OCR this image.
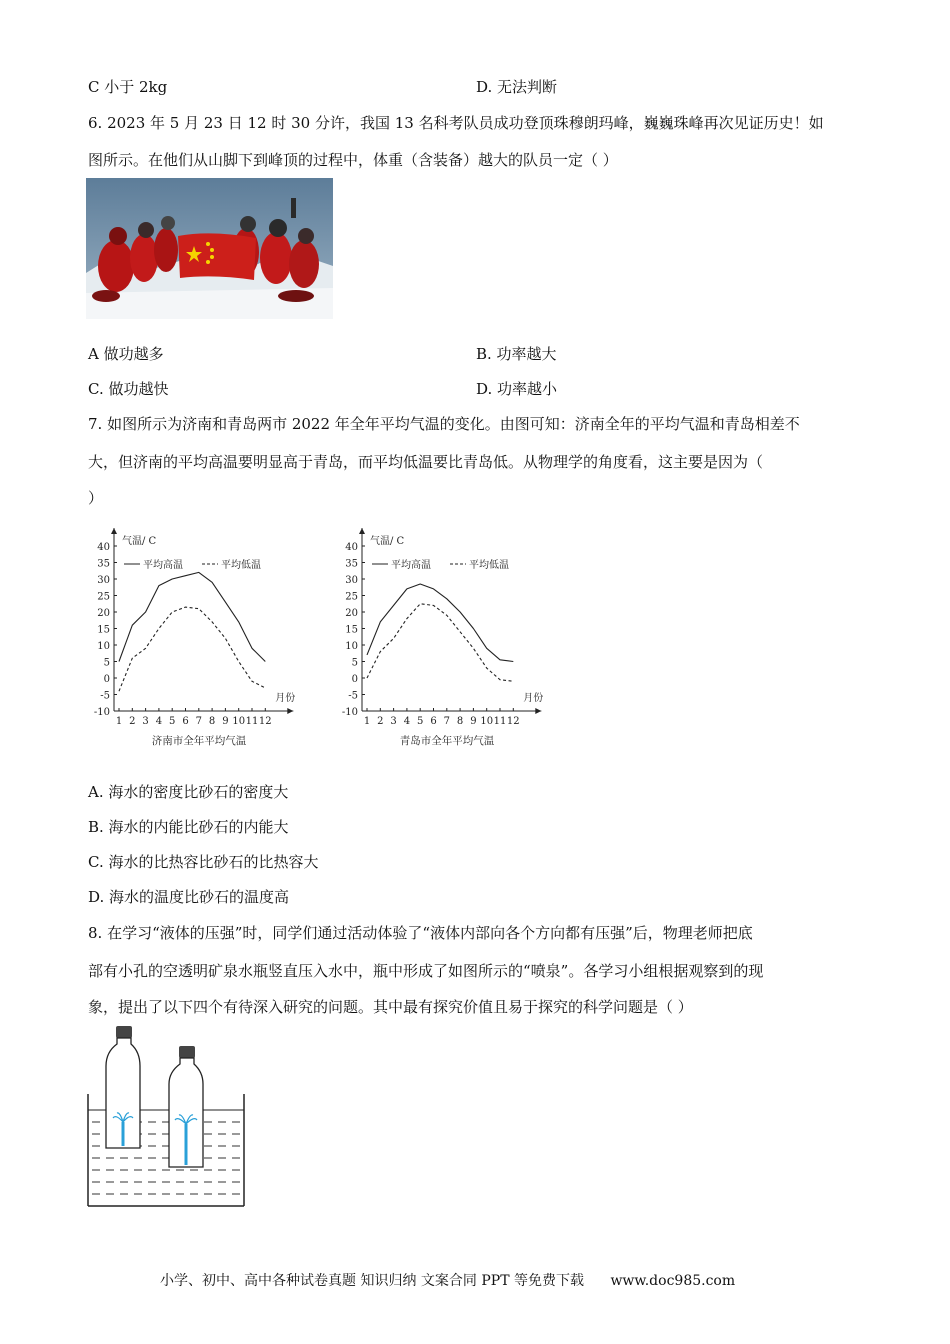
C 小于 2kg	D. 无法判断
6. 2023 年 5 月 23 日 12 时 30 分许，我国 13 名科考队员成功登顶珠穆朗玛峰，巍巍珠峰再次见证历史！如
图所示。在他们从山脚下到峰顶的过程中，体重（含装备）越大的队员一定（ ）
A 做功越多	B. 功率越大
C. 做功越快	D. 功率越小
7. 如图所示为济南和青岛两市 2022 年全年平均气温的变化。由图可知：济南全年的平均气温和青岛相差不
大，但济南的平均高温要明显高于青岛，而平均低温要比青岛低。从物理学的角度看，这主要是因为（
）
-10
-5
0
5
10
15
20
25
30
35
40
1 2 3 4 5 6 7 8 9 10 11 12
气温/ C
月份
平均高温	平均低温
济南市全年平均气温
-10
-5
0
5
10
15
20
25
30
35
40
1 2 3 4 5 6 7 8 9 10 11 12
气温/ C
月份
平均高温	平均低温
青岛市全年平均气温
A. 海水的密度比砂石的密度大
B. 海水的内能比砂石的内能大
C. 海水的比热容比砂石的比热容大
D. 海水的温度比砂石的温度高
8. 在学习“液体的压强”时，同学们通过活动体验了“液体内部向各个方向都有压强”后，物理老师把底
部有小孔的空透明矿泉水瓶竖直压入水中，瓶中形成了如图所示的“喷泉”。各学习小组根据观察到的现
象，提出了以下四个有待深入研究的问题。其中最有探究价值且易于探究的科学问题是（ ）
小学、初中、高中各种试卷真题 知识归纳 文案合同 PPT 等免费下载 www.doc985.com
